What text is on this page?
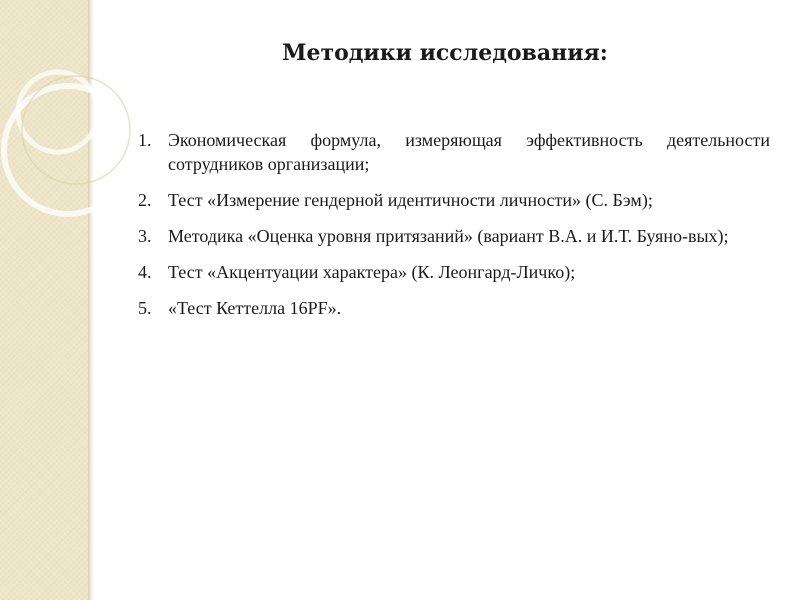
Методики исследования:
1. Экономическая формула, измеряющая эффективность деятельности сотрудников организации;
2. Тест «Измерение гендерной идентичности личности» (С. Бэм);
3. Методика «Оценка уровня притязаний» (вариант В.А. и И.Т. Буяно-вых);
4. Тест «Акцентуации характера» (К. Леонгард-Личко);
5. «Тест Кеттелла 16PF».
